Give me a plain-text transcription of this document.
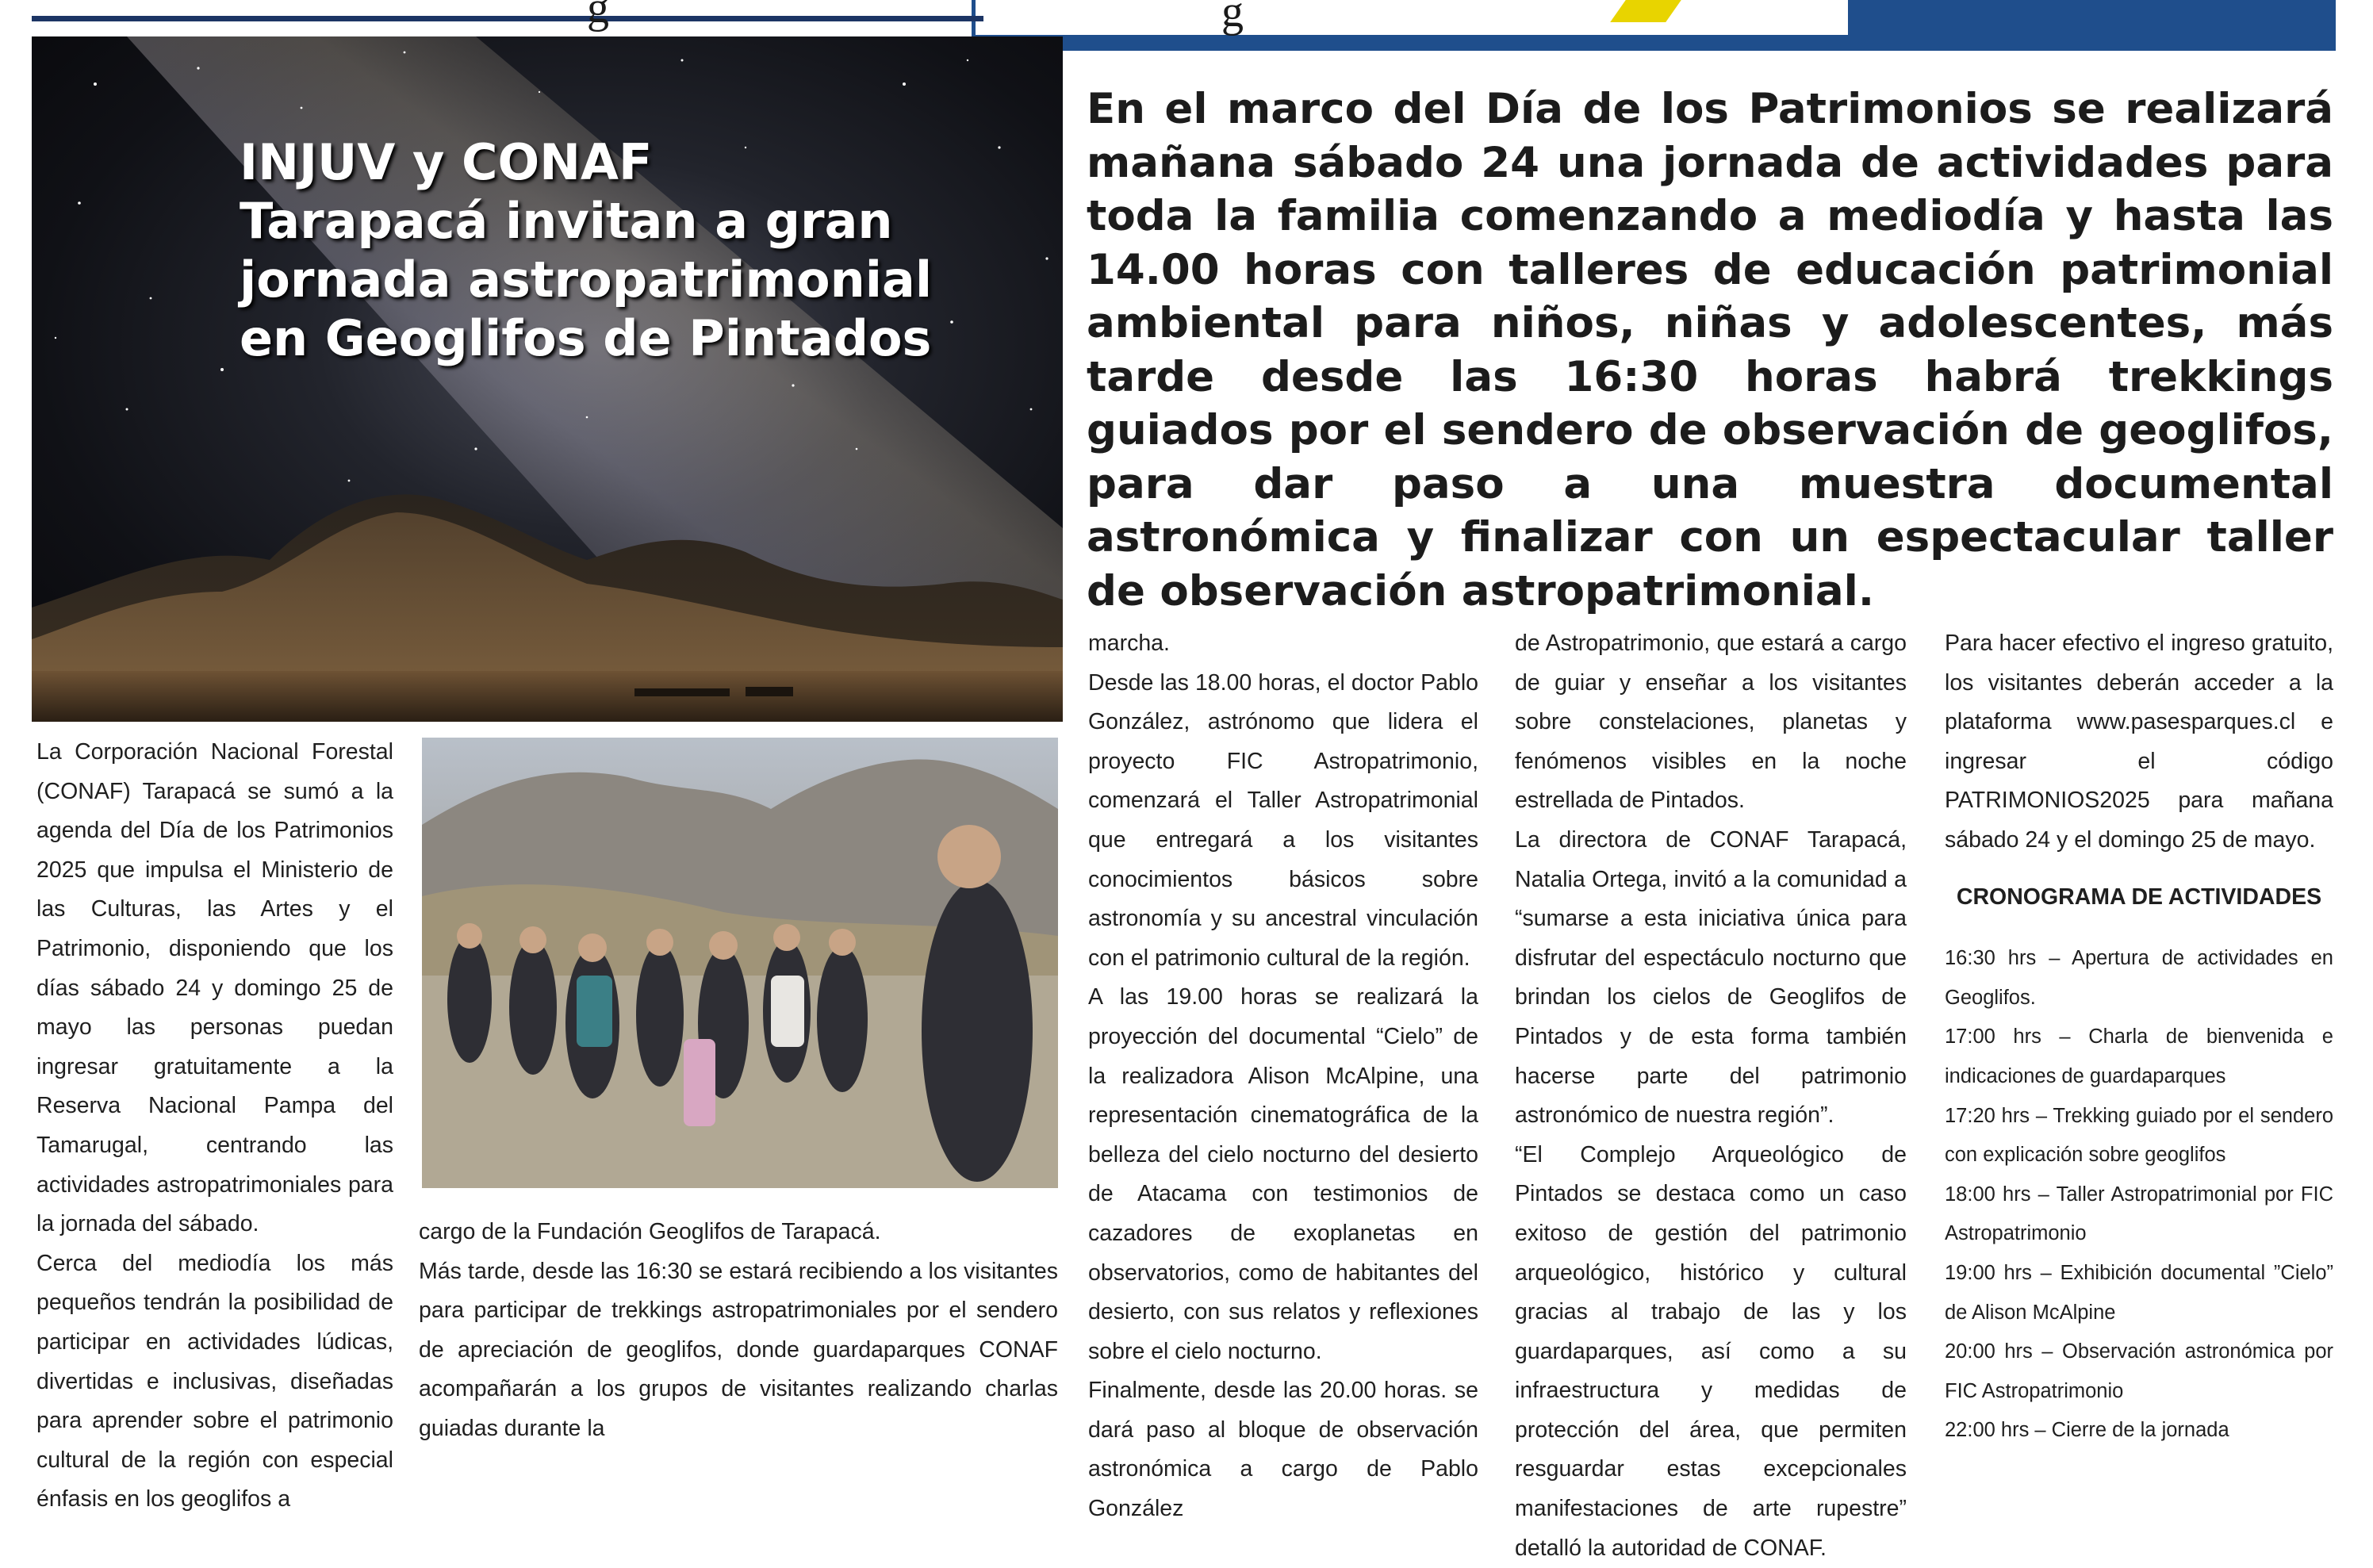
g
INJUV y CONAF
Tarapacá invitan a gran
jornada astropatrimonial
en Geoglifos de Pintados

En el marco del Día de los Patrimonios se realizará mañana sábado 24 una jornada de actividades para toda la familia comenzando a mediodía y hasta las 14.00 horas con talleres de educación patrimonial ambiental para niños, niñas y adolescentes, más tarde desde las 16:30 horas habrá trekkings guiados por el sendero de observación de geoglifos, para dar paso a una muestra documental astronómica y finalizar con un espectacular taller de observación astropatrimonial.

La Corporación Nacional Forestal (CONAF) Tarapacá se sumó a la agenda del Día de los Patrimonios 2025 que impulsa el Ministerio de las Culturas, las Artes y el Patrimonio, disponiendo que los días sábado 24 y domingo 25 de mayo las personas puedan ingresar gratuitamente a la Reserva Nacional Pampa del Tamarugal, centrando las actividades astropatrimoniales para la jornada del sábado.

Cerca del mediodía los más pequeños tendrán la posibilidad de participar en actividades lúdicas, divertidas e inclusivas, diseñadas para aprender sobre el patrimonio cultural de la región con especial énfasis en los geoglifos a

cargo de la Fundación Geoglifos de Tarapacá.

Más tarde, desde las 16:30 se estará recibiendo a los visitantes para participar de trekkings astropatrimoniales por el sendero de apreciación de geoglifos, donde guardaparques CONAF acompañarán a los grupos de visitantes realizando charlas guiadas durante la

marcha.

Desde las 18.00 horas, el doctor Pablo González, astrónomo que lidera el proyecto FIC Astropatrimonio, comenzará el Taller Astropatrimonial que entregará a los visitantes conocimientos básicos sobre astronomía y su ancestral vinculación con el patrimonio cultural de la región.

A las 19.00 horas se realizará la proyección del documental “Cielo” de la realizadora Alison McAlpine, una representación cinematográfica de la belleza del cielo nocturno del desierto de Atacama con testimonios de cazadores de exoplanetas en observatorios, como de habitantes del desierto, con sus relatos y reflexiones sobre el cielo nocturno.

Finalmente, desde las 20.00 horas. se dará paso al bloque de observación astronómica a cargo de Pablo González

de Astropatrimonio, que estará a cargo de guiar y enseñar a los visitantes sobre constelaciones, planetas y fenómenos visibles en la noche estrellada de Pintados.

La directora de CONAF Tarapacá, Natalia Ortega, invitó a la comunidad a “sumarse a esta iniciativa única para disfrutar del espectáculo nocturno que brindan los cielos de Geoglifos de Pintados y de esta forma también hacerse parte del patrimonio astronómico de nuestra región”.

“El Complejo Arqueológico de Pintados se destaca como un caso exitoso de gestión del patrimonio arqueológico, histórico y cultural gracias al trabajo de las y los guardaparques, así como a su infraestructura y medidas de protección del área, que permiten resguardar estas excepcionales manifestaciones de arte rupestre” detalló la autoridad de CONAF.

Para hacer efectivo el ingreso gratuito, los visitantes deberán acceder a la plataforma www.pasesparques.cl e ingresar el código PATRIMONIOS2025 para mañana sábado 24 y el domingo 25 de mayo.

CRONOGRAMA DE ACTIVIDADES

16:30 hrs – Apertura de actividades en Geoglifos.
17:00 hrs – Charla de bienvenida e indicaciones de guardaparques
17:20 hrs – Trekking guiado por el sendero con explicación sobre geoglifos
18:00 hrs – Taller Astropatrimonial por FIC Astropatrimonio
19:00 hrs – Exhibición documental ”Cielo” de Alison McAlpine
20:00 hrs – Observación astronómica por FIC Astropatrimonio
22:00 hrs – Cierre de la jornada
